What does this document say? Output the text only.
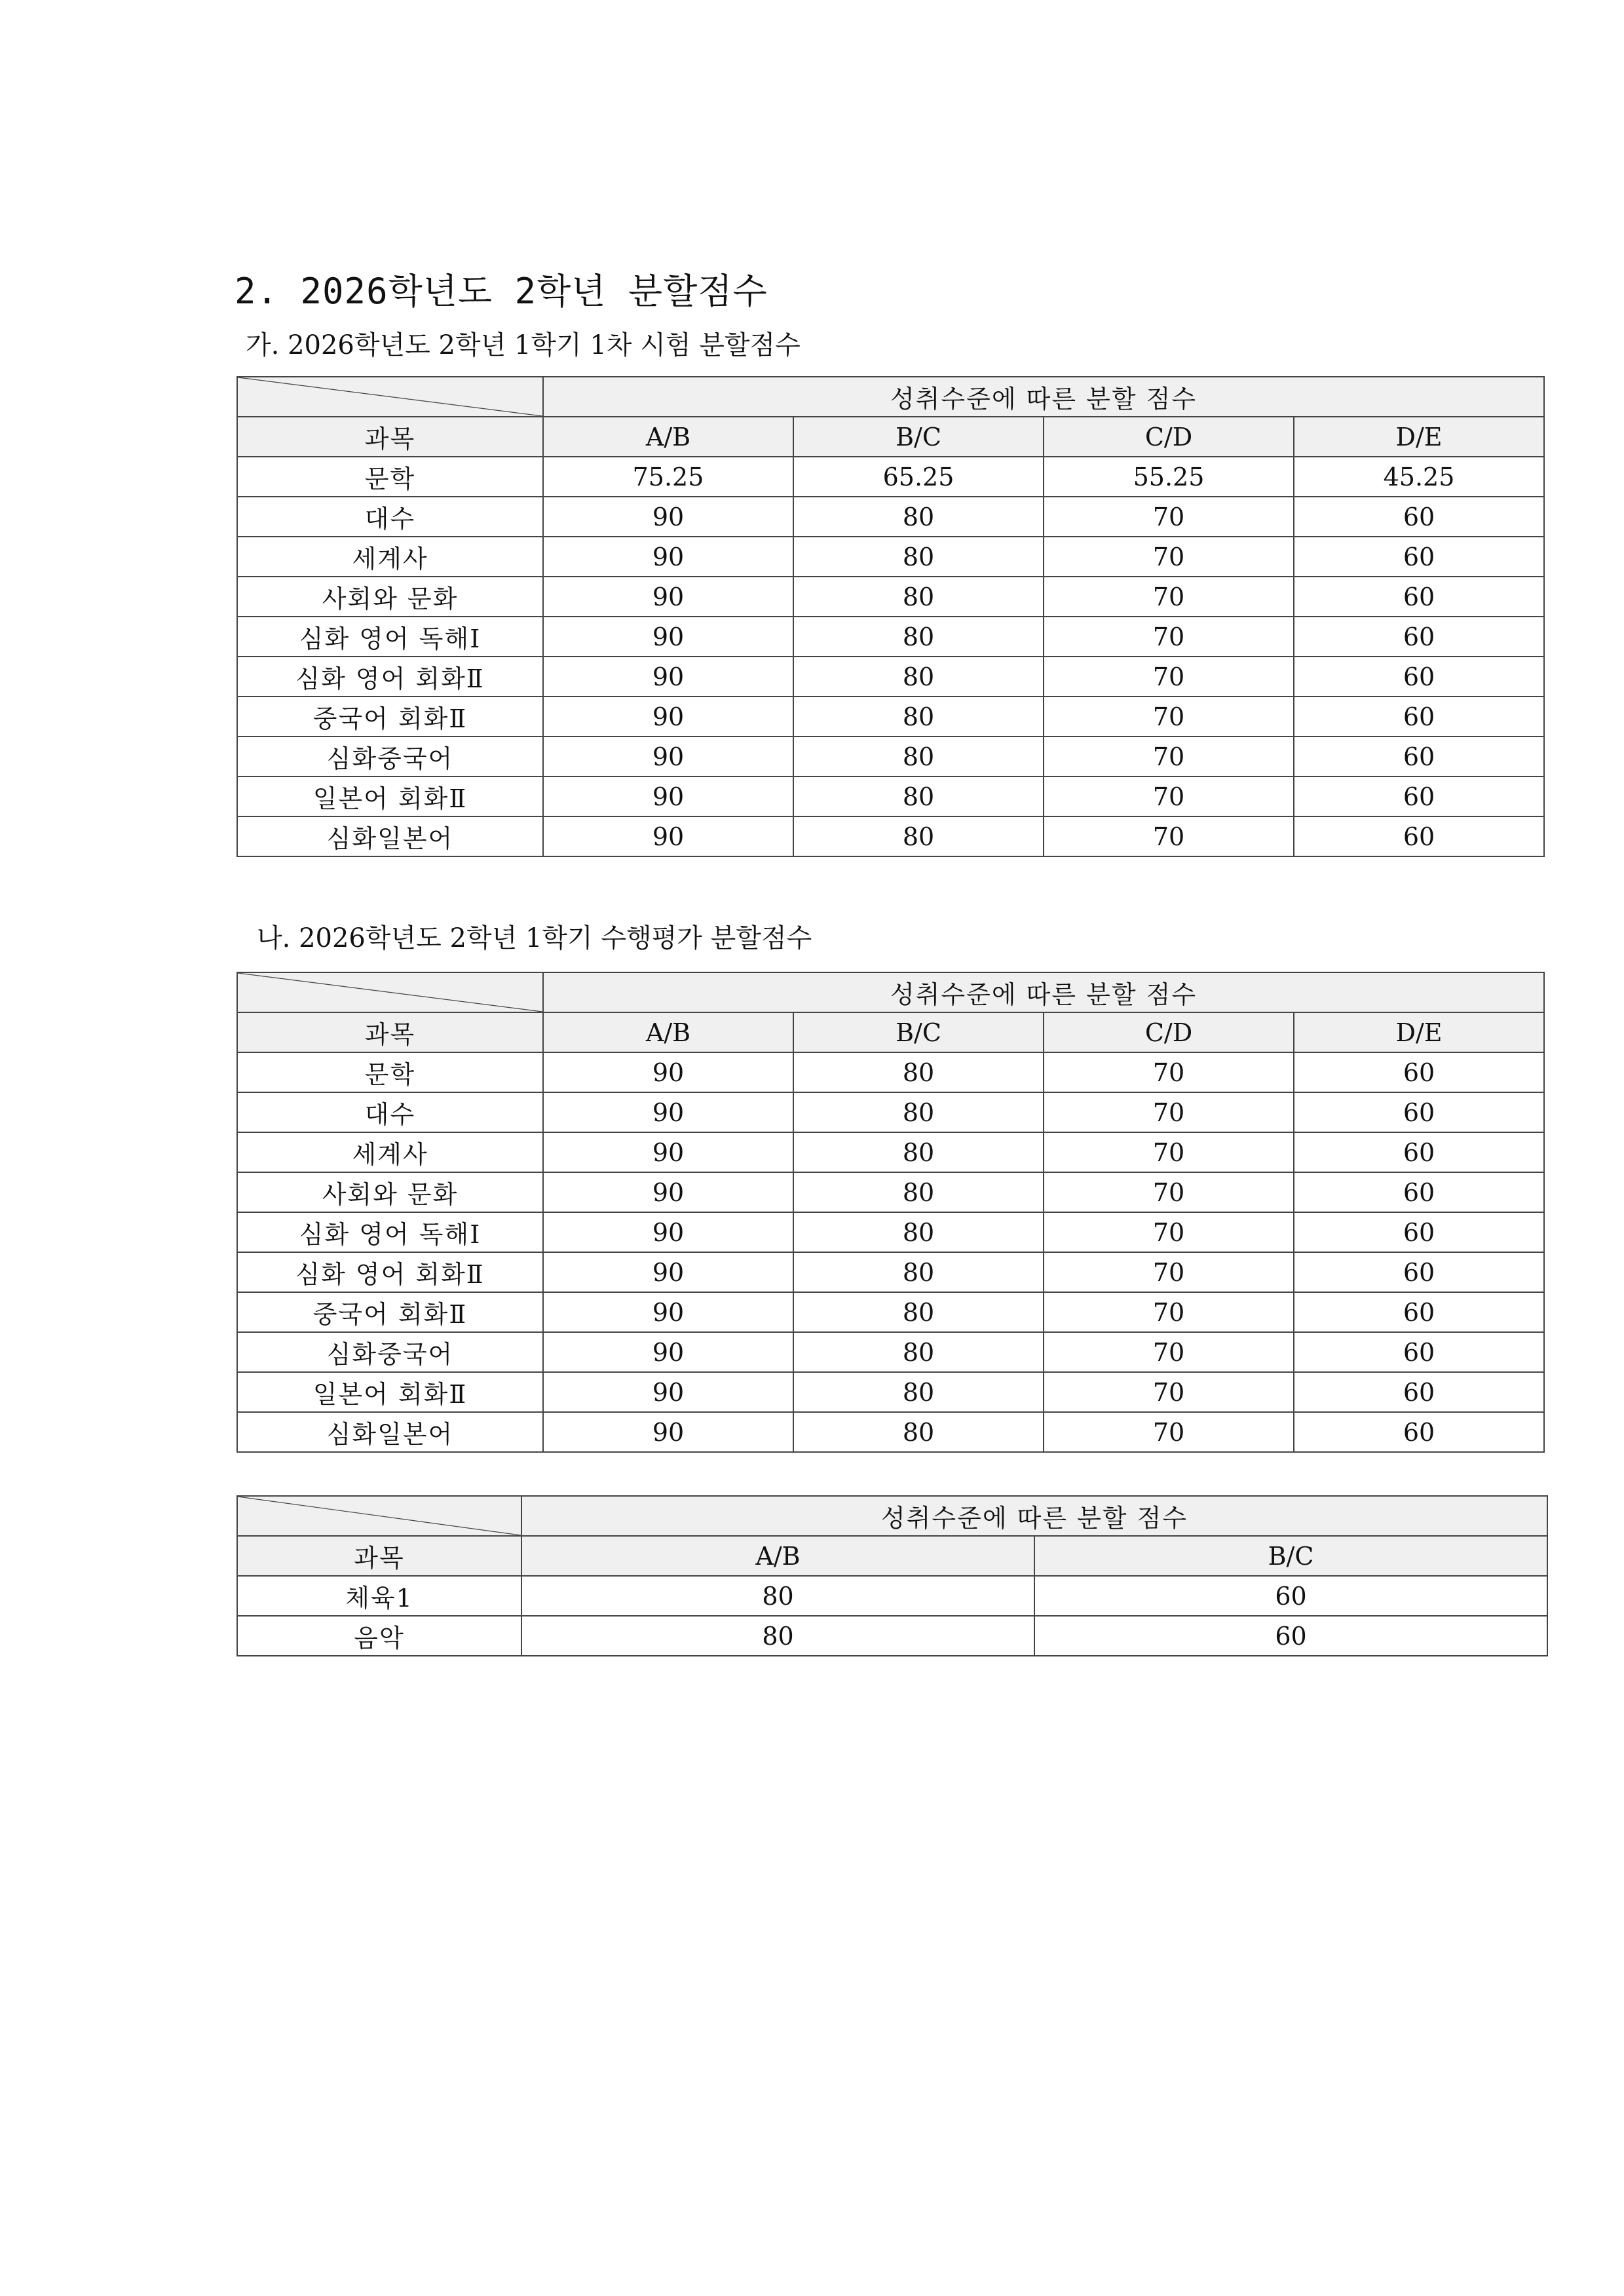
2. 2026학년도 2학년 분할점수
가. 2026학년도 2학년 1학기 1차 시험 분할점수
	성취수준에 따른 분할 점수			
과목	A/B	B/C	C/D	D/E
문학	75.25	65.25	55.25	45.25
대수	90	80	70	60
세계사	90	80	70	60
사회와 문화	90	80	70	60
심화 영어 독해Ⅰ	90	80	70	60
심화 영어 회화Ⅱ	90	80	70	60
중국어 회화Ⅱ	90	80	70	60
심화중국어	90	80	70	60
일본어 회화Ⅱ	90	80	70	60
심화일본어	90	80	70	60
나. 2026학년도 2학년 1학기 수행평가 분할점수
	성취수준에 따른 분할 점수			
과목	A/B	B/C	C/D	D/E
문학	90	80	70	60
대수	90	80	70	60
세계사	90	80	70	60
사회와 문화	90	80	70	60
심화 영어 독해Ⅰ	90	80	70	60
심화 영어 회화Ⅱ	90	80	70	60
중국어 회화Ⅱ	90	80	70	60
심화중국어	90	80	70	60
일본어 회화Ⅱ	90	80	70	60
심화일본어	90	80	70	60
	성취수준에 따른 분할 점수	
과목	A/B	B/C
체육1	80	60
음악	80	60
